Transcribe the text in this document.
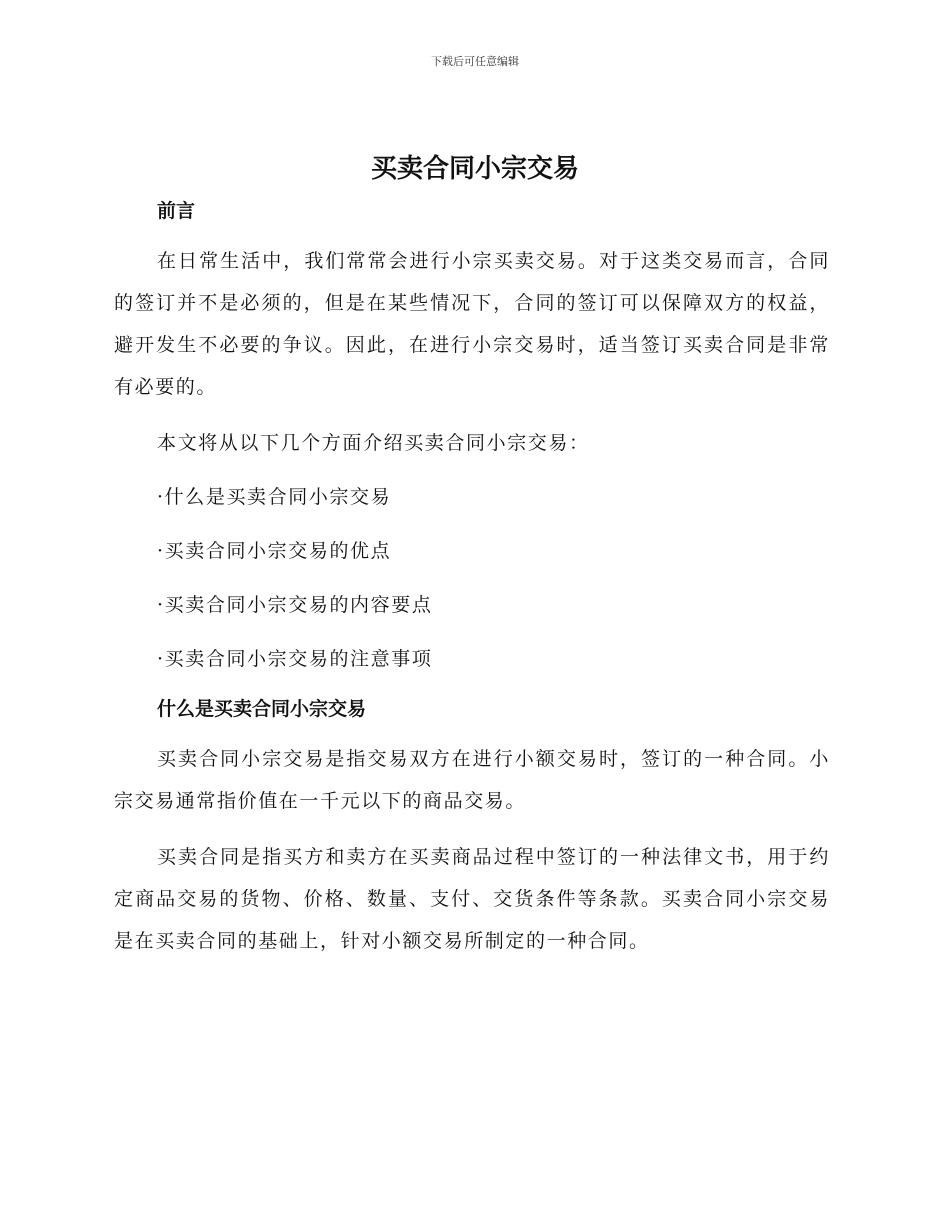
下载后可任意编辑
买卖合同小宗交易
前言

在日常生活中，我们常常会进行小宗买卖交易。对于这类交易而言，合同的签订并不是必须的，但是在某些情况下，合同的签订可以保障双方的权益，避开发生不必要的争议。因此，在进行小宗交易时，适当签订买卖合同是非常有必要的。

本文将从以下几个方面介绍买卖合同小宗交易：

·什么是买卖合同小宗交易

·买卖合同小宗交易的优点

·买卖合同小宗交易的内容要点

·买卖合同小宗交易的注意事项

什么是买卖合同小宗交易

买卖合同小宗交易是指交易双方在进行小额交易时，签订的一种合同。小宗交易通常指价值在一千元以下的商品交易。

买卖合同是指买方和卖方在买卖商品过程中签订的一种法律文书，用于约定商品交易的货物、价格、数量、支付、交货条件等条款。买卖合同小宗交易是在买卖合同的基础上，针对小额交易所制定的一种合同。
